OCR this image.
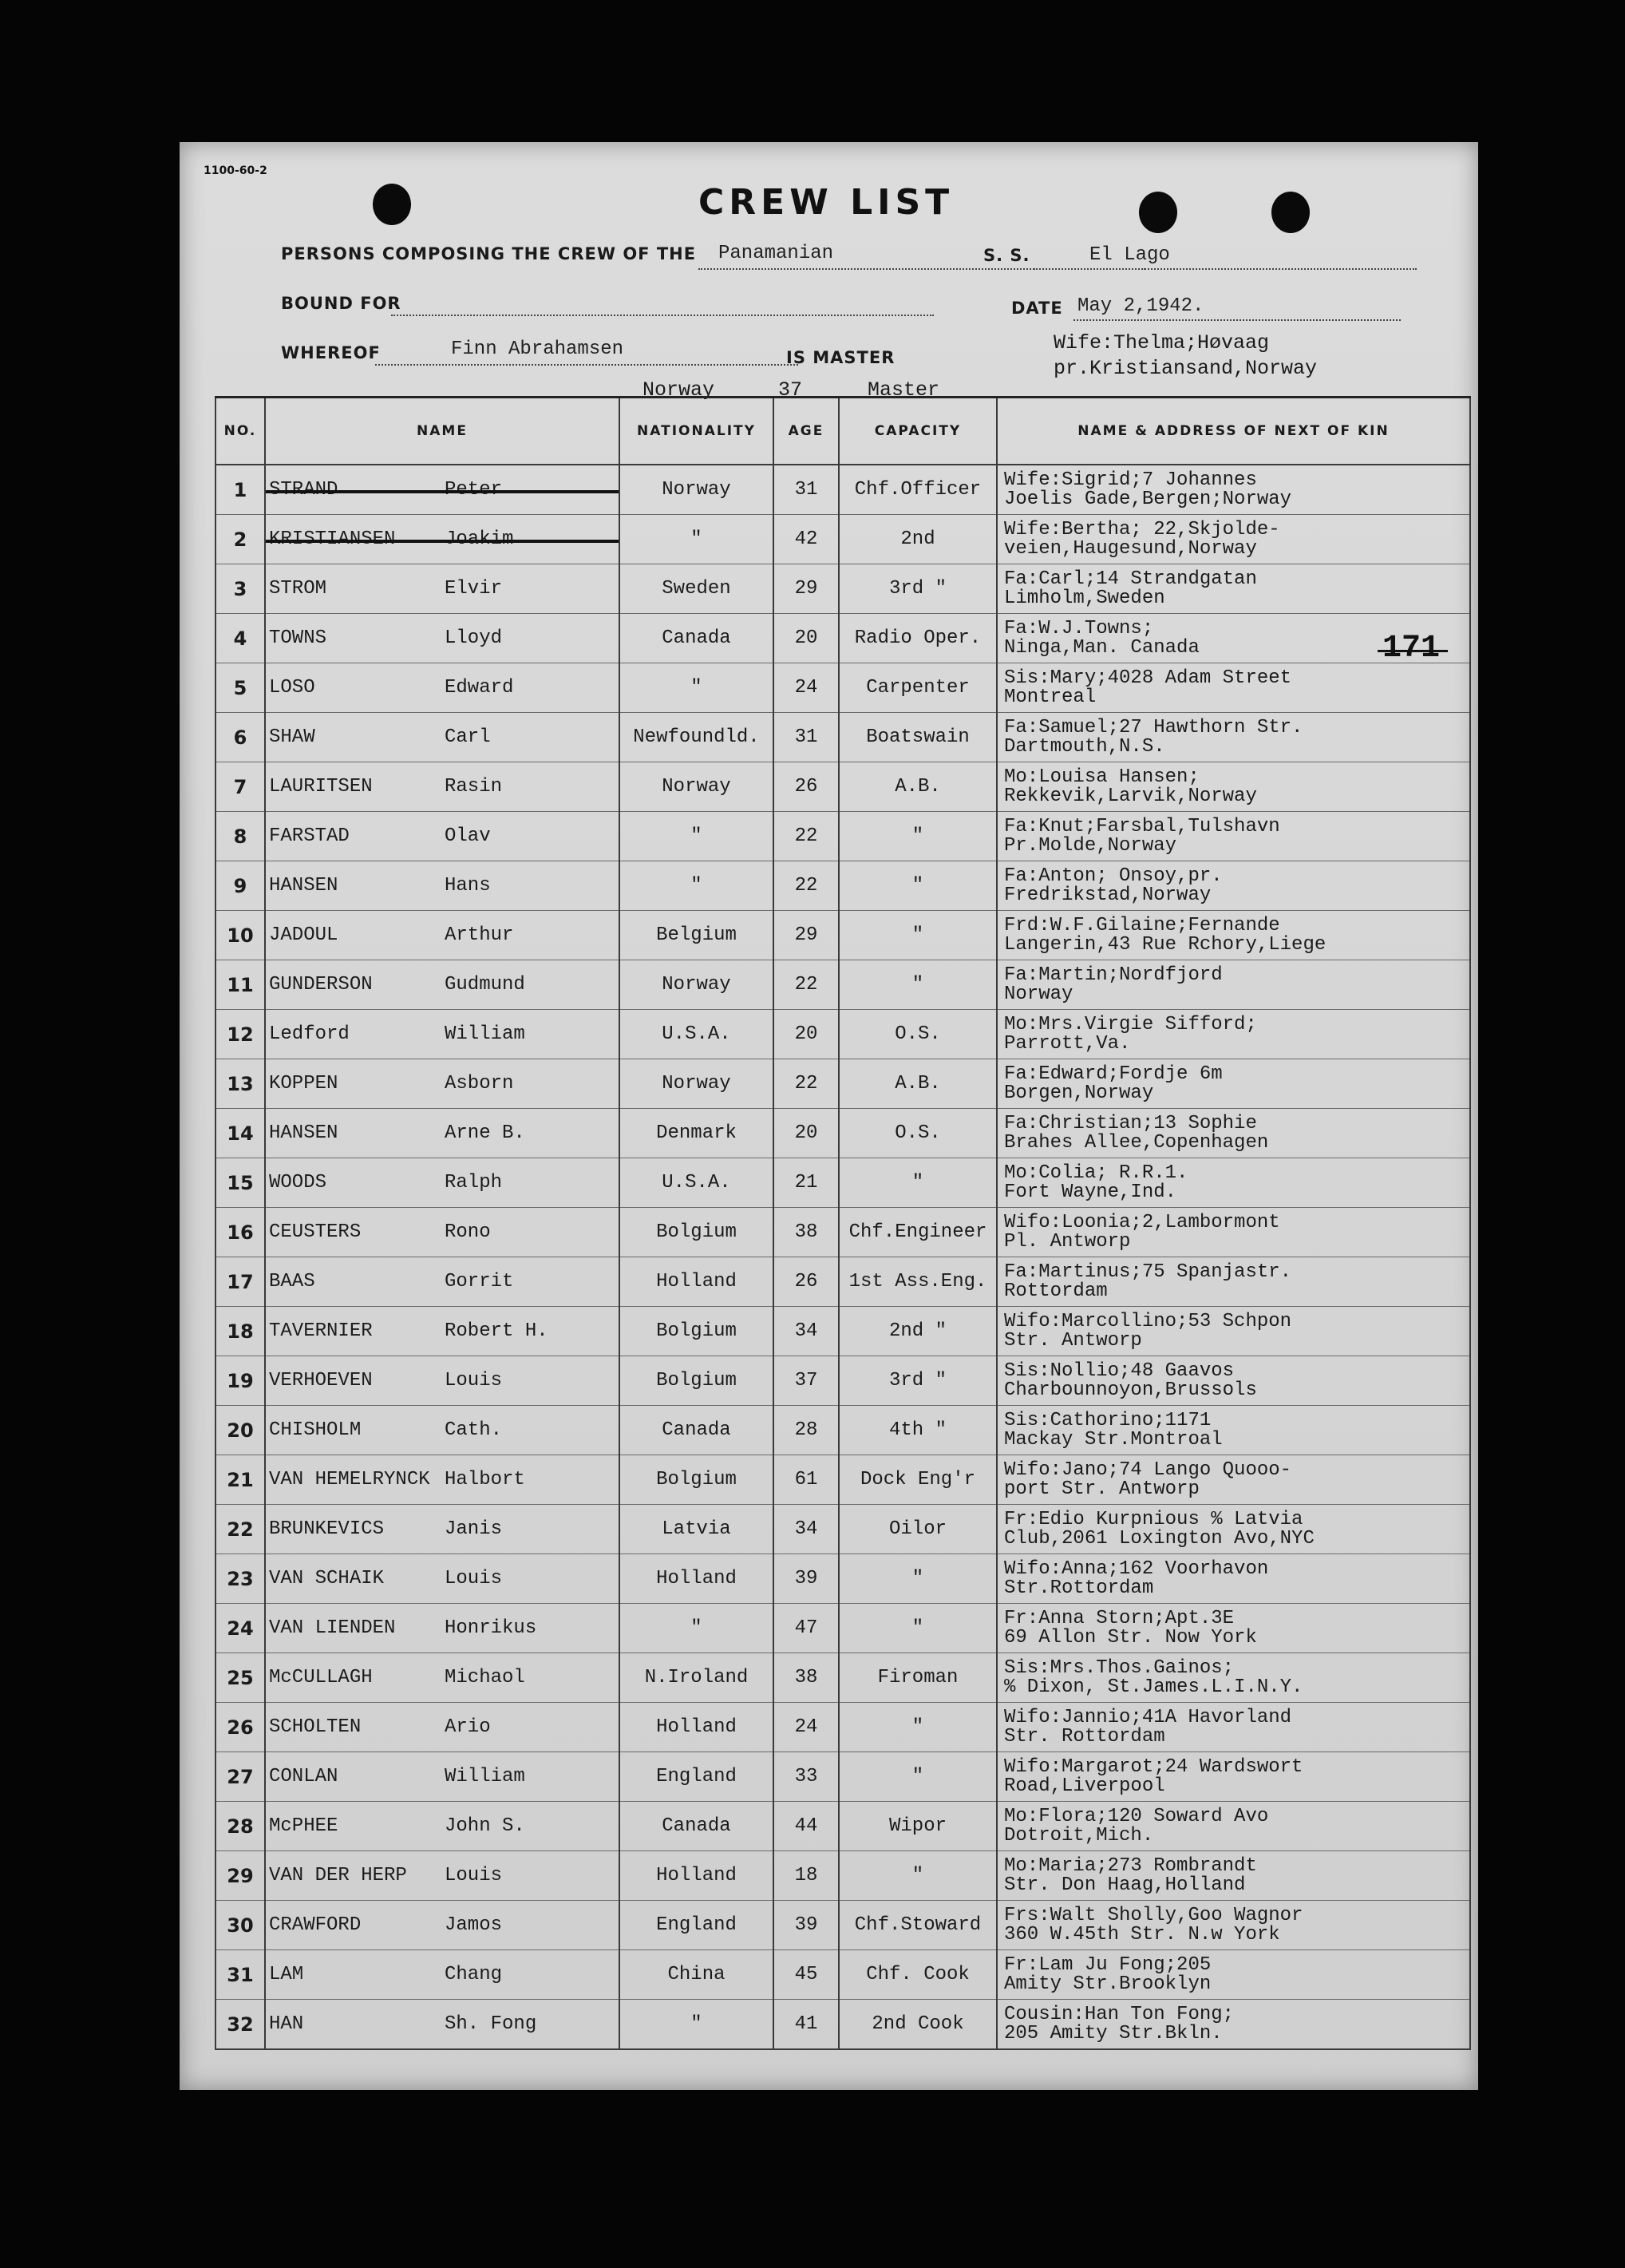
1100-60-2
CREW LIST
PERSONS COMPOSING THE CREW OF THE Panamanian	S. S.	El Lago
BOUND FOR	DATE May 2,1942.
WHEREOF	Finn Abrahamsen	IS MASTER
Wife:Thelma;Høvaag
pr.Kristiansand,Norway
Norway	37	Master
171
NO.	NAME	NATIONALITY	AGE	CAPACITY	NAME & ADDRESS OF NEXT OF KIN
1	STRAND Peter	Norway	31	Chf.Officer	Wife:Sigrid;7 Johannes
Joelis Gade,Bergen;Norway

2	KRISTIANSEN Joakim	"	42	2nd	Wife:Bertha; 22,Skjolde-
veien,Haugesund,Norway

3	STROM Elvir	Sweden	29	3rd "	Fa:Carl;14 Strandgatan
Limholm,Sweden

4	TOWNS Lloyd	Canada	20	Radio Oper.	Fa:W.J.Towns;
Ninga,Man. Canada

5	LOSO Edward	"	24	Carpenter	Sis:Mary;4028 Adam Street
Montreal

6	SHAW Carl	Newfoundld.	31	Boatswain	Fa:Samuel;27 Hawthorn Str.
Dartmouth,N.S.

7	LAURITSEN Rasin	Norway	26	A.B.	Mo:Louisa Hansen;
Rekkevik,Larvik,Norway

8	FARSTAD Olav	"	22	"	Fa:Knut;Farsbal,Tulshavn
Pr.Molde,Norway

9	HANSEN Hans	"	22	"	Fa:Anton; Onsoy,pr.
Fredrikstad,Norway

10	JADOUL Arthur	Belgium	29	"	Frd:W.F.Gilaine;Fernande
Langerin,43 Rue Rchory,Liege

11	GUNDERSON Gudmund	Norway	22	"	Fa:Martin;Nordfjord
Norway

12	Ledford William	U.S.A.	20	O.S.	Mo:Mrs.Virgie Sifford;
Parrott,Va.

13	KOPPEN Asborn	Norway	22	A.B.	Fa:Edward;Fordje 6m
Borgen,Norway

14	HANSEN Arne B.	Denmark	20	O.S.	Fa:Christian;13 Sophie
Brahes Allee,Copenhagen

15	WOODS Ralph	U.S.A.	21	"	Mo:Colia; R.R.1.
Fort Wayne,Ind.

16	CEUSTERS Rono	Bolgium	38	Chf.Engineer	Wifo:Loonia;2,Lambormont
Pl. Antworp

17	BAAS Gorrit	Holland	26	1st Ass.Eng.	Fa:Martinus;75 Spanjastr.
Rottordam

18	TAVERNIER Robert H.	Bolgium	34	2nd "	Wifo:Marcollino;53 Schpon
Str. Antworp

19	VERHOEVEN Louis	Bolgium	37	3rd "	Sis:Nollio;48 Gaavos
Charbounnoyon,Brussols

20	CHISHOLM Cath.	Canada	28	4th "	Sis:Cathorino;1171
Mackay Str.Montroal

21	VAN HEMELRYNCK Halbort	Bolgium	61	Dock Eng'r	Wifo:Jano;74 Lango Quooo-
port Str. Antworp

22	BRUNKEVICS Janis	Latvia	34	Oilor	Fr:Edio Kurpnious % Latvia
Club,2061 Loxington Avo,NYC

23	VAN SCHAIK Louis	Holland	39	"	Wifo:Anna;162 Voorhavon
Str.Rottordam

24	VAN LIENDEN Honrikus	"	47	"	Fr:Anna Storn;Apt.3E
69 Allon Str. Now York

25	McCULLAGH Michaol	N.Iroland	38	Firoman	Sis:Mrs.Thos.Gainos;
% Dixon, St.James.L.I.N.Y.

26	SCHOLTEN Ario	Holland	24	"	Wifo:Jannio;41A Havorland
Str. Rottordam

27	CONLAN William	England	33	"	Wifo:Margarot;24 Wardswort
Road,Liverpool

28	McPHEE John S.	Canada	44	Wipor	Mo:Flora;120 Soward Avo
Dotroit,Mich.

29	VAN DER HERP Louis	Holland	18	"	Mo:Maria;273 Rombrandt
Str. Don Haag,Holland

30	CRAWFORD Jamos	England	39	Chf.Stoward	Frs:Walt Sholly,Goo Wagnor
360 W.45th Str. N.w York

31	LAM Chang	China	45	Chf. Cook	Fr:Lam Ju Fong;205
Amity Str.Brooklyn

32	HAN Sh. Fong	"	41	2nd Cook	Cousin:Han Ton Fong;
205 Amity Str.Bkln.
